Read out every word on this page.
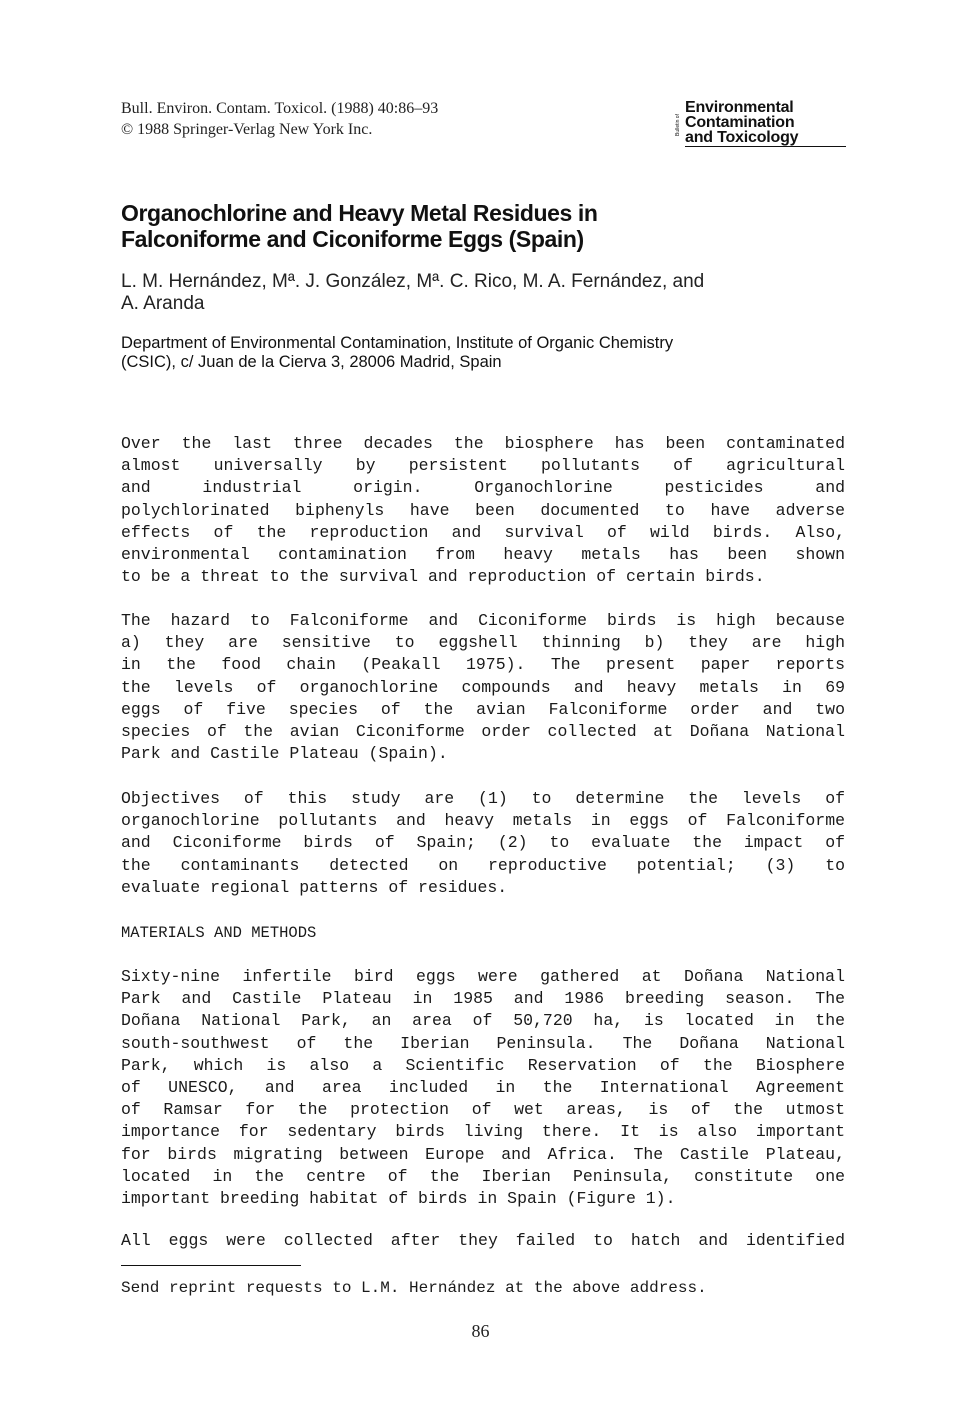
Bull. Environ. Contam. Toxicol. (1988) 40:86–93
© 1988 Springer-Verlag New York Inc.	Bulletin of
Environmental
Contamination
and Toxicology
Organochlorine and Heavy Metal Residues in
Falconiforme and Ciconiforme Eggs (Spain)
L. M. Hernández, Mª. J. González, Mª. C. Rico, M. A. Fernández, and
A. Aranda
Department of Environmental Contamination, Institute of Organic Chemistry
(CSIC), c/ Juan de la Cierva 3, 28006 Madrid, Spain
Over the last three decades the biosphere has been contaminated
almost universally by persistent pollutants of agricultural
and industrial origin. Organochlorine pesticides and
polychlorinated biphenyls have been documented to have adverse
effects of the reproduction and survival of wild birds. Also,
environmental contamination from heavy metals has been shown
to be a threat to the survival and reproduction of certain birds.
The hazard to Falconiforme and Ciconiforme birds is high because
a) they are sensitive to eggshell thinning b) they are high
in the food chain (Peakall 1975). The present paper reports
the levels of organochlorine compounds and heavy metals in 69
eggs of five species of the avian Falconiforme order and two
species of the avian Ciconiforme order collected at Doñana National
Park and Castile Plateau (Spain).
Objectives of this study are (1) to determine the levels of
organochlorine pollutants and heavy metals in eggs of Falconiforme
and Ciconiforme birds of Spain; (2) to evaluate the impact of
the contaminants detected on reproductive potential; (3) to
evaluate regional patterns of residues.
MATERIALS AND METHODS
Sixty-nine infertile bird eggs were gathered at Doñana National
Park and Castile Plateau in 1985 and 1986 breeding season. The
Doñana National Park, an area of 50,720 ha, is located in the
south-southwest of the Iberian Peninsula. The Doñana National
Park, which is also a Scientific Reservation of the Biosphere
of UNESCO, and area included in the International Agreement
of Ramsar for the protection of wet areas, is of the utmost
importance for sedentary birds living there. It is also important
for birds migrating between Europe and Africa. The Castile Plateau,
located in the centre of the Iberian Peninsula, constitute one
important breeding habitat of birds in Spain (Figure 1).
All eggs were collected after they failed to hatch and identified
Send reprint requests to L.M. Hernández at the above address.
86
